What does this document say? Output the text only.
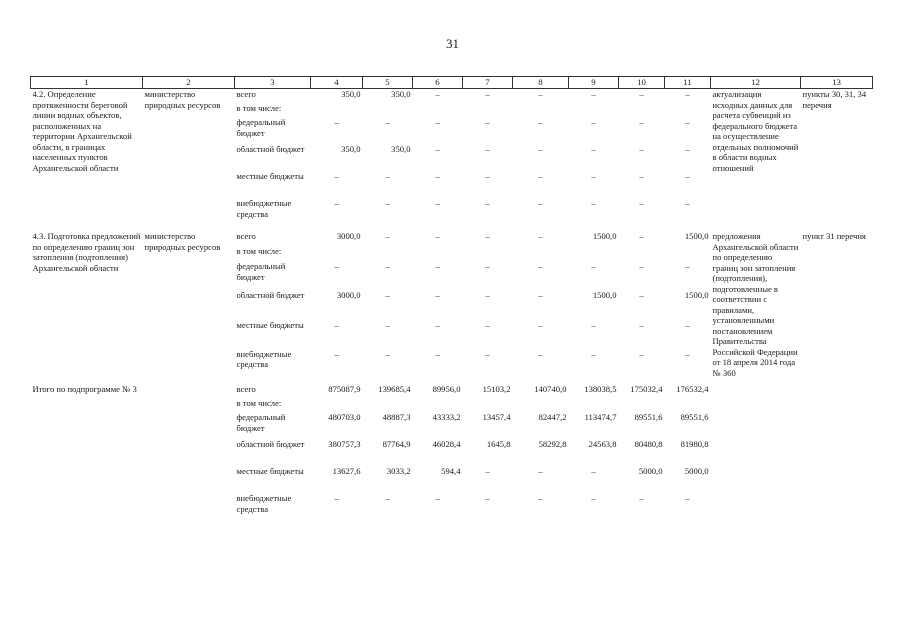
31
1	2	3	4	5	6	7	8	9	10	11	12	13
4.2. Определение протяженности береговой линии водных объектов, расположенных на территории Архангельской области, в границах населенных пунктов Архангельской области	министерство природных ресурсов	всего	350,0	350,0	–	–	–	–	–	–	актуализация исходных данных для расчета субвенций из федерального бюджета на осуществление отдельных полномочий в области водных отношений	пункты 30, 31, 34 перечня

		в том числе:										

		федеральный бюджет	–	–	–	–	–	–	–	–		

		областной бюджет	350,0	350,0	–	–	–	–	–	–		

		местные бюджеты	–	–	–	–	–	–	–	–		

		внебюджетные средства	–	–	–	–	–	–	–	–		

4.3. Подготовка предложений по определению границ зон затопления (подтопления) Архангельской области	министерство природных ресурсов	всего	3000,0	–	–	–	–	1500,0	–	1500,0	предложения Архангельской области по определению границ зон затопления (подтопления), подготовленные в соответствии с правилами, установленными постановлением Правительства Российской Федерации от 18 апреля 2014 года № 360	пункт 31 перечня

		в том числе:										

		федеральный бюджет	–	–	–	–	–	–	–	–		

		областной бюджет	3000,0	–	–	–	–	1500,0	–	1500,0		

		местные бюджеты	–	–	–	–	–	–	–	–		

		внебюджетные средства	–	–	–	–	–	–	–	–		

Итого по подпрограмме № 3		всего	875087,9	139685,4	89956,0	15103,2	140740,0	138038,5	175032,4	176532,4		

		в том числе:										

		федеральный бюджет	480703,0	48887,3	43333,2	13457,4	82447,2	113474,7	89551,6	89551,6		

		областной бюджет	380757,3	87764,9	46028,4	1645,8	58292,8	24563,8	80480,8	81980,8		

		местные бюджеты	13627,6	3033,2	594,4	–	–	–	5000,0	5000,0		

		внебюджетные средства	–	–	–	–	–	–	–	–		
